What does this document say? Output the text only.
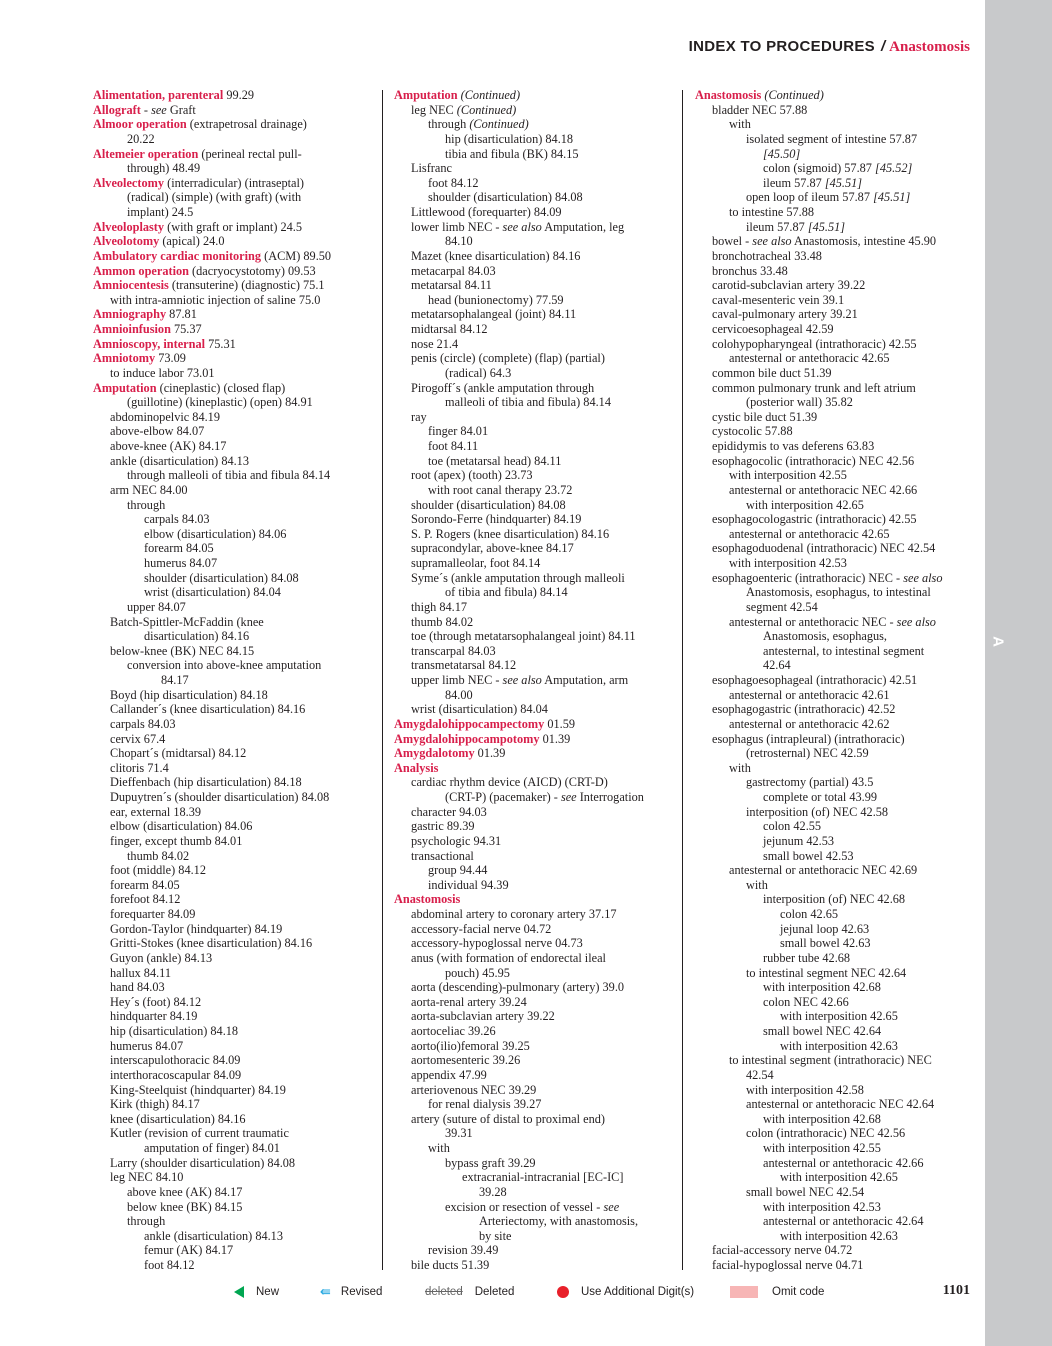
A
INDEX TO PROCEDURES / Anastomosis
Alimentation, parenteral 99.29
Allograft - see Graft
Almoor operation (extrapetrosal drainage)
20.22
Altemeier operation (perineal rectal pull-
through) 48.49
Alveolectomy (interradicular) (intraseptal)
(radical) (simple) (with graft) (with
implant) 24.5
Alveoloplasty (with graft or implant) 24.5
Alveolotomy (apical) 24.0
Ambulatory cardiac monitoring (ACM) 89.50
Ammon operation (dacryocystotomy) 09.53
Amniocentesis (transuterine) (diagnostic) 75.1
with intra-amniotic injection of saline 75.0
Amniography 87.81
Amnioinfusion 75.37
Amnioscopy, internal 75.31
Amniotomy 73.09
to induce labor 73.01
Amputation (cineplastic) (closed flap)
(guillotine) (kineplastic) (open) 84.91
abdominopelvic 84.19
above-elbow 84.07
above-knee (AK) 84.17
ankle (disarticulation) 84.13
through malleoli of tibia and fibula 84.14
arm NEC 84.00
through
carpals 84.03
elbow (disarticulation) 84.06
forearm 84.05
humerus 84.07
shoulder (disarticulation) 84.08
wrist (disarticulation) 84.04
upper 84.07
Batch-Spittler-McFaddin (knee
disarticulation) 84.16
below-knee (BK) NEC 84.15
conversion into above-knee amputation
84.17
Boyd (hip disarticulation) 84.18
Callander´s (knee disarticulation) 84.16
carpals 84.03
cervix 67.4
Chopart´s (midtarsal) 84.12
clitoris 71.4
Dieffenbach (hip disarticulation) 84.18
Dupuytren´s (shoulder disarticulation) 84.08
ear, external 18.39
elbow (disarticulation) 84.06
finger, except thumb 84.01
thumb 84.02
foot (middle) 84.12
forearm 84.05
forefoot 84.12
forequarter 84.09
Gordon-Taylor (hindquarter) 84.19
Gritti-Stokes (knee disarticulation) 84.16
Guyon (ankle) 84.13
hallux 84.11
hand 84.03
Hey´s (foot) 84.12
hindquarter 84.19
hip (disarticulation) 84.18
humerus 84.07
interscapulothoracic 84.09
interthoracoscapular 84.09
King-Steelquist (hindquarter) 84.19
Kirk (thigh) 84.17
knee (disarticulation) 84.16
Kutler (revision of current traumatic
amputation of finger) 84.01
Larry (shoulder disarticulation) 84.08
leg NEC 84.10
above knee (AK) 84.17
below knee (BK) 84.15
through
ankle (disarticulation) 84.13
femur (AK) 84.17
foot 84.12
Amputation (Continued)
leg NEC (Continued)
through (Continued)
hip (disarticulation) 84.18
tibia and fibula (BK) 84.15
Lisfranc
foot 84.12
shoulder (disarticulation) 84.08
Littlewood (forequarter) 84.09
lower limb NEC - see also Amputation, leg
84.10
Mazet (knee disarticulation) 84.16
metacarpal 84.03
metatarsal 84.11
head (bunionectomy) 77.59
metatarsophalangeal (joint) 84.11
midtarsal 84.12
nose 21.4
penis (circle) (complete) (flap) (partial)
(radical) 64.3
Pirogoff´s (ankle amputation through
malleoli of tibia and fibula) 84.14
ray
finger 84.01
foot 84.11
toe (metatarsal head) 84.11
root (apex) (tooth) 23.73
with root canal therapy 23.72
shoulder (disarticulation) 84.08
Sorondo-Ferre (hindquarter) 84.19
S. P. Rogers (knee disarticulation) 84.16
supracondylar, above-knee 84.17
supramalleolar, foot 84.14
Syme´s (ankle amputation through malleoli
of tibia and fibula) 84.14
thigh 84.17
thumb 84.02
toe (through metatarsophalangeal joint) 84.11
transcarpal 84.03
transmetatarsal 84.12
upper limb NEC - see also Amputation, arm
84.00
wrist (disarticulation) 84.04
Amygdalohippocampectomy 01.59
Amygdalohippocampotomy 01.39
Amygdalotomy 01.39
Analysis
cardiac rhythm device (AICD) (CRT-D)
(CRT-P) (pacemaker) - see Interrogation
character 94.03
gastric 89.39
psychologic 94.31
transactional
group 94.44
individual 94.39
Anastomosis
abdominal artery to coronary artery 37.17
accessory-facial nerve 04.72
accessory-hypoglossal nerve 04.73
anus (with formation of endorectal ileal
pouch) 45.95
aorta (descending)-pulmonary (artery) 39.0
aorta-renal artery 39.24
aorta-subclavian artery 39.22
aortoceliac 39.26
aorto(ilio)femoral 39.25
aortomesenteric 39.26
appendix 47.99
arteriovenous NEC 39.29
for renal dialysis 39.27
artery (suture of distal to proximal end)
39.31
with
bypass graft 39.29
extracranial-intracranial [EC-IC]
39.28
excision or resection of vessel - see
Arteriectomy, with anastomosis,
by site
revision 39.49
bile ducts 51.39
Anastomosis (Continued)
bladder NEC 57.88
with
isolated segment of intestine 57.87
[45.50]
colon (sigmoid) 57.87 [45.52]
ileum 57.87 [45.51]
open loop of ileum 57.87 [45.51]
to intestine 57.88
ileum 57.87 [45.51]
bowel - see also Anastomosis, intestine 45.90
bronchotracheal 33.48
bronchus 33.48
carotid-subclavian artery 39.22
caval-mesenteric vein 39.1
caval-pulmonary artery 39.21
cervicoesophageal 42.59
colohypopharyngeal (intrathoracic) 42.55
antesternal or antethoracic 42.65
common bile duct 51.39
common pulmonary trunk and left atrium
(posterior wall) 35.82
cystic bile duct 51.39
cystocolic 57.88
epididymis to vas deferens 63.83
esophagocolic (intrathoracic) NEC 42.56
with interposition 42.55
antesternal or antethoracic NEC 42.66
with interposition 42.65
esophagocologastric (intrathoracic) 42.55
antesternal or antethoracic 42.65
esophagoduodenal (intrathoracic) NEC 42.54
with interposition 42.53
esophagoenteric (intrathoracic) NEC - see also
Anastomosis, esophagus, to intestinal
segment 42.54
antesternal or antethoracic NEC - see also
Anastomosis, esophagus,
antesternal, to intestinal segment
42.64
esophagoesophageal (intrathoracic) 42.51
antesternal or antethoracic 42.61
esophagogastric (intrathoracic) 42.52
antesternal or antethoracic 42.62
esophagus (intrapleural) (intrathoracic)
(retrosternal) NEC 42.59
with
gastrectomy (partial) 43.5
complete or total 43.99
interposition (of) NEC 42.58
colon 42.55
jejunum 42.53
small bowel 42.53
antesternal or antethoracic NEC 42.69
with
interposition (of) NEC 42.68
colon 42.65
jejunal loop 42.63
small bowel 42.63
rubber tube 42.68
to intestinal segment NEC 42.64
with interposition 42.68
colon NEC 42.66
with interposition 42.65
small bowel NEC 42.64
with interposition 42.63
to intestinal segment (intrathoracic) NEC
42.54
with interposition 42.58
antesternal or antethoracic NEC 42.64
with interposition 42.68
colon (intrathoracic) NEC 42.56
with interposition 42.55
antesternal or antethoracic 42.66
with interposition 42.65
small bowel NEC 42.54
with interposition 42.53
antesternal or antethoracic 42.64
with interposition 42.63
facial-accessory nerve 04.72
facial-hypoglossal nerve 04.71
New	⇚ Revised	deleted Deleted	Use Additional Digit(s)	Omit code	1101
